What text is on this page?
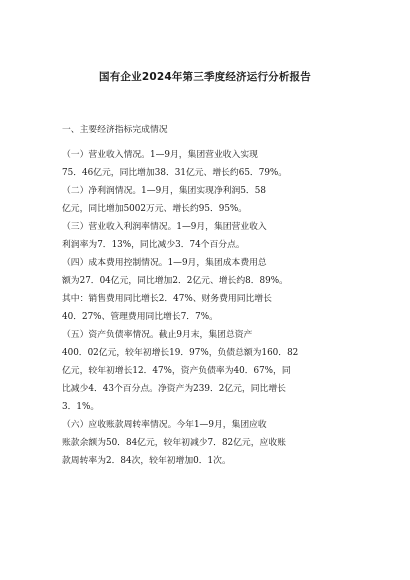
国有企业2024年第三季度经济运行分析报告
一、主要经济指标完成情况
（一）营业收入情况。1—9月，集团营业收入实现
75．46亿元，同比增加38．31亿元、增长约65．79%。
（二）净利润情况。1—9月，集团实现净利润5．58
亿元，同比增加5002万元、增长约95．95%。
（三）营业收入利润率情况。1—9月，集团营业收入
利润率为7．13%，同比减少3．74个百分点。
（四）成本费用控制情况。1—9月，集团成本费用总
额为27．04亿元，同比增加2．2亿元、增长约8．89%。
其中：销售费用同比增长2．47%、财务费用同比增长
40．27%、管理费用同比增长7．7%。
（五）资产负债率情况。截止9月末，集团总资产
400．02亿元，较年初增长19．97%，负债总额为160．82
亿元，较年初增长12．47%，资产负债率为40．67%，同
比减少4．43个百分点。净资产为239．2亿元，同比增长
3．1%。
（六）应收账款周转率情况。今年1—9月，集团应收
账款余额为50．84亿元，较年初减少7．82亿元，应收账
款周转率为2．84次，较年初增加0．1次。
